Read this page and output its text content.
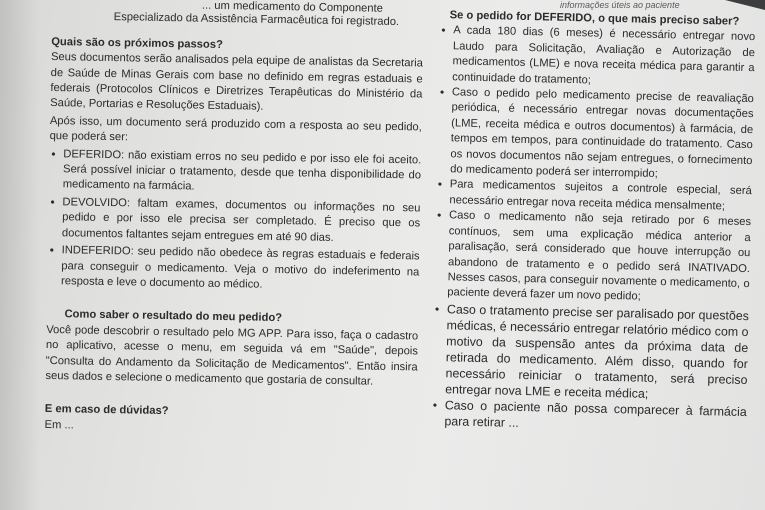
informações úteis ao paciente

... um medicamento do Componente

Especializado da Assistência Farmacêutica foi registrado.

Quais são os próximos passos?

Seus documentos serão analisados pela equipe de analistas da Secretaria de Saúde de Minas Gerais com base no definido em regras estaduais e federais (Protocolos Clínicos e Diretrizes Terapêuticas do Ministério da Saúde, Portarias e Resoluções Estaduais).

Após isso, um documento será produzido com a resposta ao seu pedido, que poderá ser:

• DEFERIDO: não existiam erros no seu pedido e por isso ele foi aceito. Será possível iniciar o tratamento, desde que tenha disponibilidade do medicamento na farmácia.

• DEVOLVIDO: faltam exames, documentos ou informações no seu pedido e por isso ele precisa ser completado. É preciso que os documentos faltantes sejam entregues em até 90 dias.

• INDEFERIDO: seu pedido não obedece às regras estaduais e federais para conseguir o medicamento. Veja o motivo do indeferimento na resposta e leve o documento ao médico.

Como saber o resultado do meu pedido?

Você pode descobrir o resultado pelo MG APP. Para isso, faça o cadastro no aplicativo, acesse o menu, em seguida vá em "Saúde", depois "Consulta do Andamento da Solicitação de Medicamentos". Então insira seus dados e selecione o medicamento que gostaria de consultar.

E em caso de dúvidas?

Em ...

Se o pedido for DEFERIDO, o que mais preciso saber?

• A cada 180 dias (6 meses) é necessário entregar novo Laudo para Solicitação, Avaliação e Autorização de medicamentos (LME) e nova receita médica para garantir a continuidade do tratamento;

• Caso o pedido pelo medicamento precise de reavaliação periódica, é necessário entregar novas documentações (LME, receita médica e outros documentos) à farmácia, de tempos em tempos, para continuidade do tratamento. Caso os novos documentos não sejam entregues, o fornecimento do medicamento poderá ser interrompido;

• Para medicamentos sujeitos a controle especial, será necessário entregar nova receita médica mensalmente;

• Caso o medicamento não seja retirado por 6 meses contínuos, sem uma explicação médica anterior a paralisação, será considerado que houve interrupção ou abandono de tratamento e o pedido será INATIVADO. Nesses casos, para conseguir novamente o medicamento, o paciente deverá fazer um novo pedido;

• Caso o tratamento precise ser paralisado por questões médicas, é necessário entregar relatório médico com o motivo da suspensão antes da próxima data de retirada do medicamento. Além disso, quando for necessário reiniciar o tratamento, será preciso entregar nova LME e receita médica;

• Caso o paciente não possa comparecer à farmácia para retirar ...
